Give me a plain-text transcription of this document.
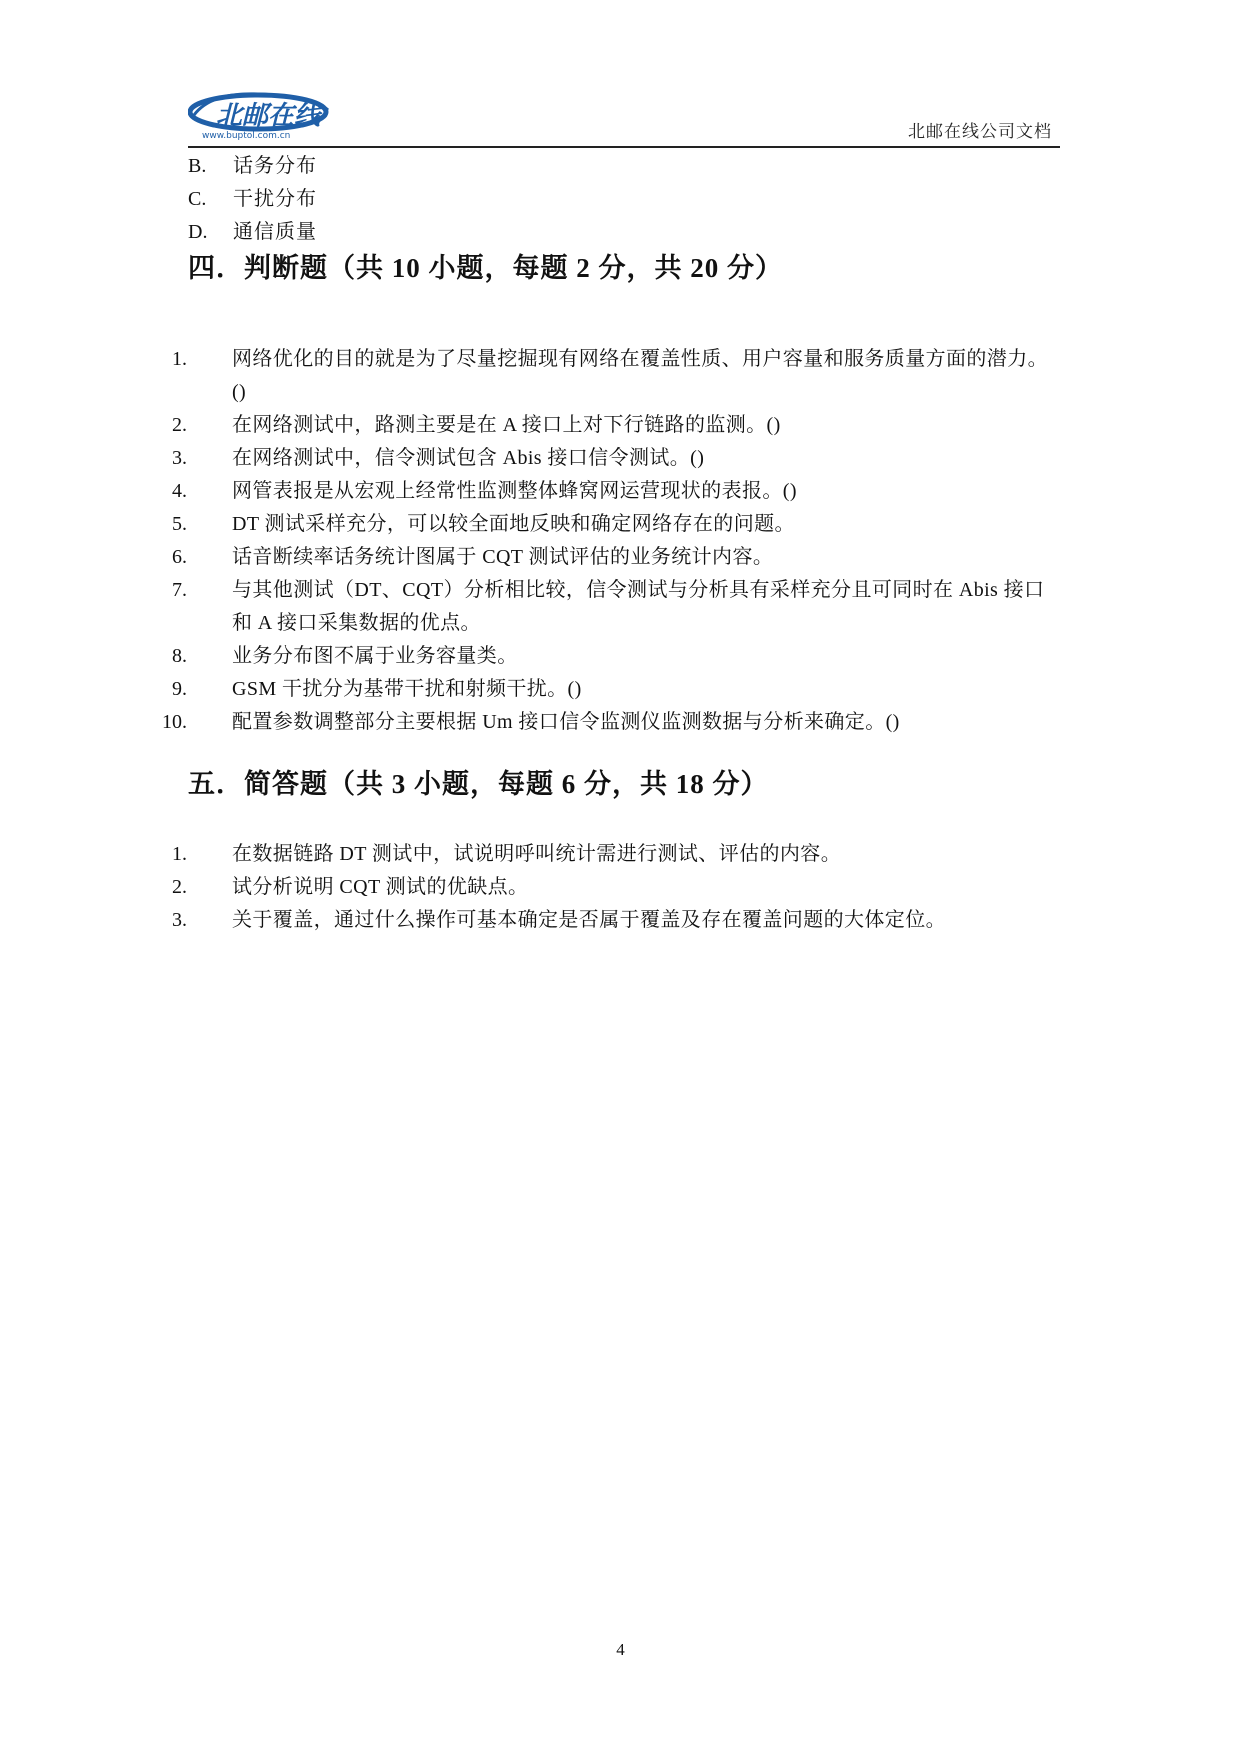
北邮在线
www.buptol.com.cn	北邮在线公司文档
B.	话务分布
C.	干扰分布
D.	通信质量
四．判断题（共 10 小题，每题 2 分，共 20 分）
1.	网络优化的目的就是为了尽量挖掘现有网络在覆盖性质、用户容量和服务质量方面的潜力。()
2.	在网络测试中，路测主要是在 A 接口上对下行链路的监测。()
3.	在网络测试中，信令测试包含 Abis 接口信令测试。()
4.	网管表报是从宏观上经常性监测整体蜂窝网运营现状的表报。()
5.	DT 测试采样充分，可以较全面地反映和确定网络存在的问题。
6.	话音断续率话务统计图属于 CQT 测试评估的业务统计内容。
7.	与其他测试（DT、CQT）分析相比较，信令测试与分析具有采样充分且可同时在 Abis 接口和 A 接口采集数据的优点。
8.	业务分布图不属于业务容量类。
9.	GSM 干扰分为基带干扰和射频干扰。()
10. 配置参数调整部分主要根据 Um 接口信令监测仪监测数据与分析来确定。()
五．简答题（共 3 小题，每题 6 分，共 18 分）
1.	在数据链路 DT 测试中，试说明呼叫统计需进行测试、评估的内容。
2.	试分析说明 CQT 测试的优缺点。
3.	关于覆盖，通过什么操作可基本确定是否属于覆盖及存在覆盖问题的大体定位。
4
